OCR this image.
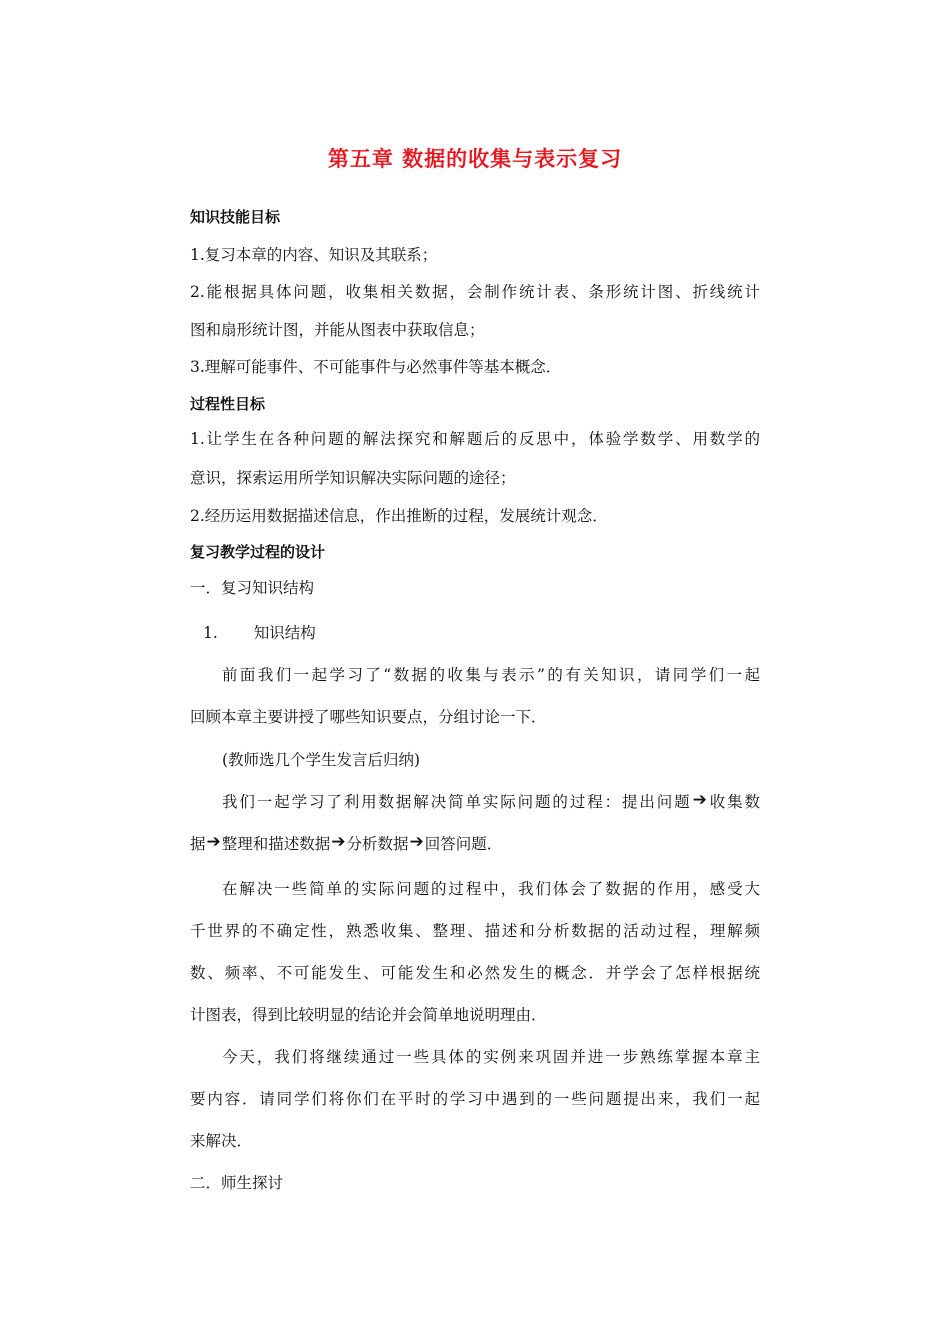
第五章 数据的收集与表示复习
知识技能目标
1.复习本章的内容、知识及其联系；
2.能根据具体问题，收集相关数据，会制作统计表、条形统计图、折线统计
图和扇形统计图，并能从图表中获取信息；
3.理解可能事件、不可能事件与必然事件等基本概念．
过程性目标
1.让学生在各种问题的解法探究和解题后的反思中，体验学数学、用数学的
意识，探索运用所学知识解决实际问题的途径；
2.经历运用数据描述信息，作出推断的过程，发展统计观念．
复习教学过程的设计
一．复习知识结构
1. 知识结构
前面我们一起学习了“数据的收集与表示”的有关知识，请同学们一起
回顾本章主要讲授了哪些知识要点，分组讨论一下．
(教师选几个学生发言后归纳)
我们一起学习了利用数据解决简单实际问题的过程：提出问题➔收集数
据➔整理和描述数据➔分析数据➔回答问题．
在解决一些简单的实际问题的过程中，我们体会了数据的作用，感受大
千世界的不确定性，熟悉收集、整理、描述和分析数据的活动过程，理解频
数、频率、不可能发生、可能发生和必然发生的概念．并学会了怎样根据统
计图表，得到比较明显的结论并会简单地说明理由．
今天，我们将继续通过一些具体的实例来巩固并进一步熟练掌握本章主
要内容．请同学们将你们在平时的学习中遇到的一些问题提出来，我们一起
来解决．
二．师生探讨
